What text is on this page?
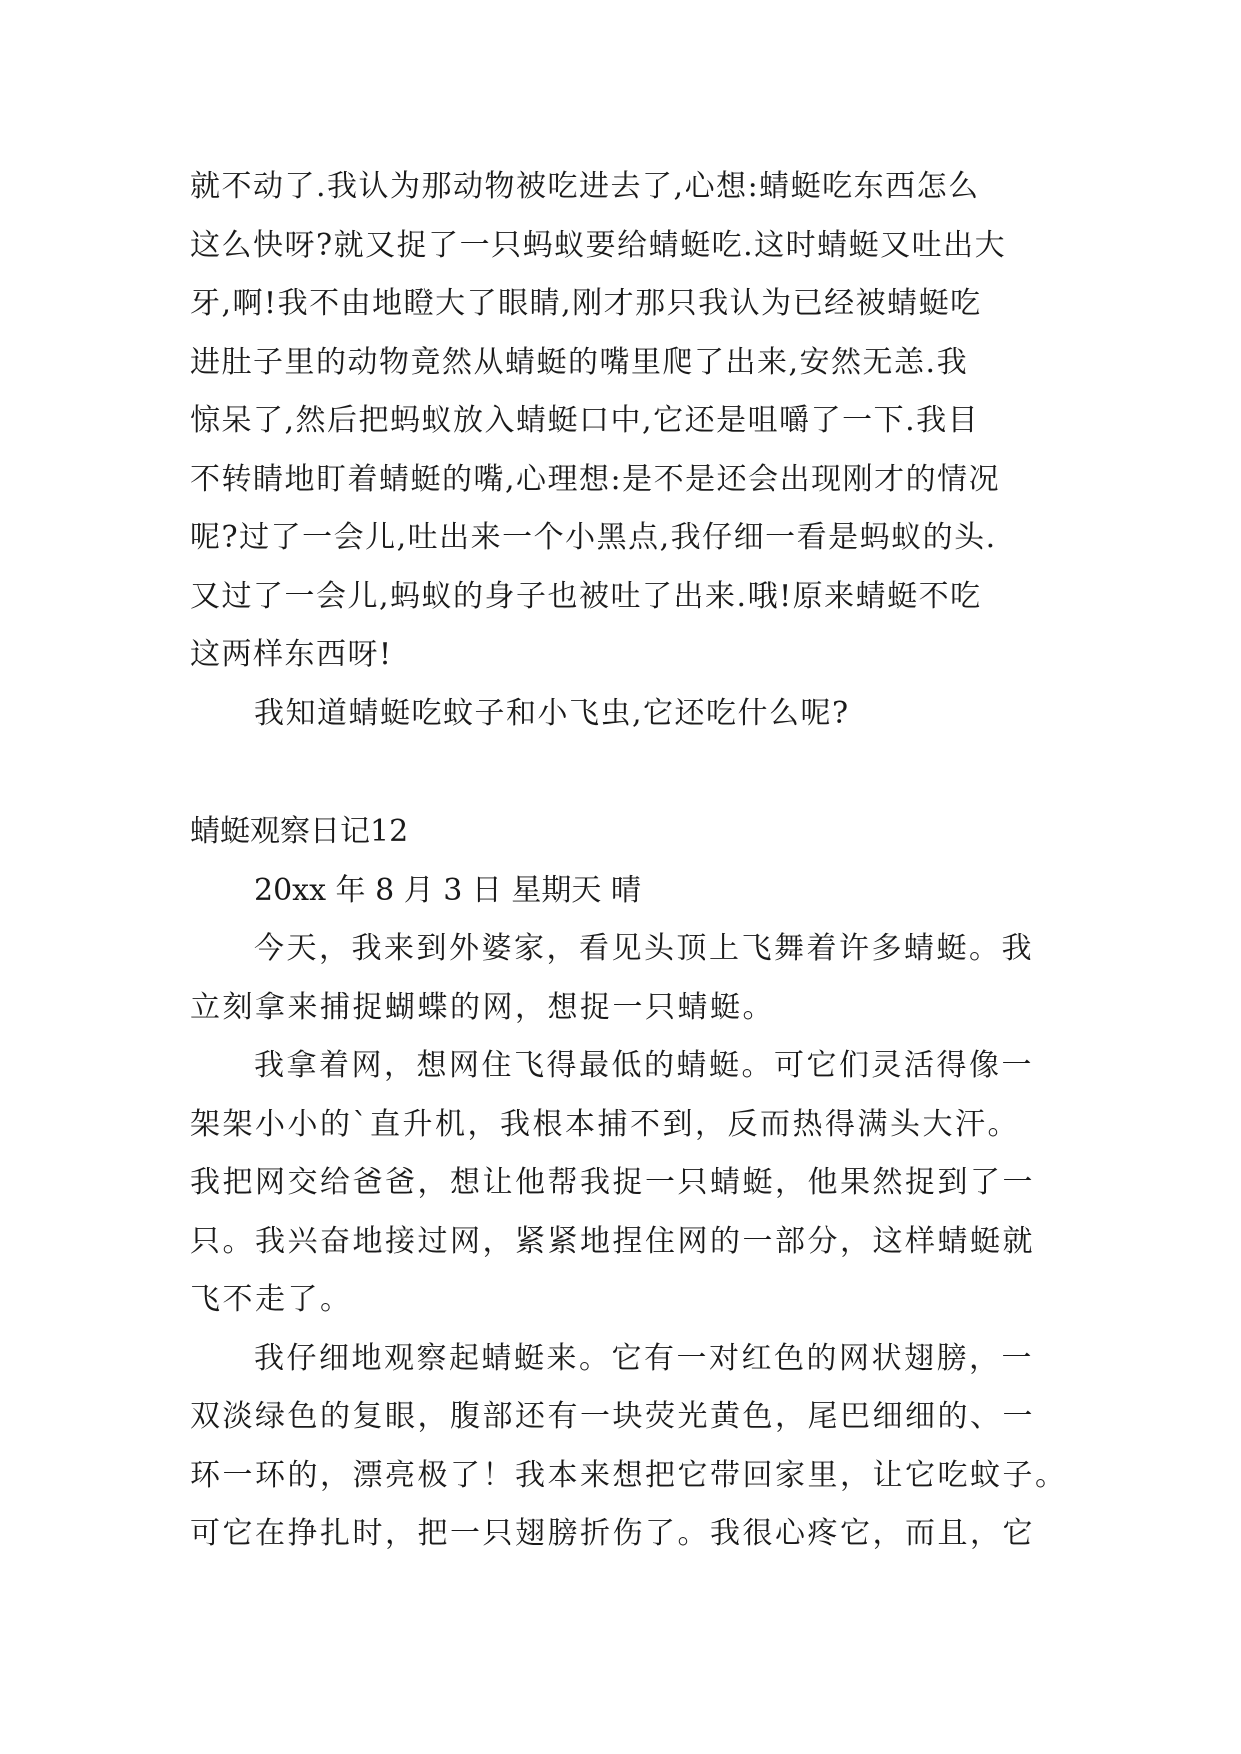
就不动了.我认为那动物被吃进去了,心想:蜻蜓吃东西怎么
这么快呀?就又捉了一只蚂蚁要给蜻蜓吃.这时蜻蜓又吐出大
牙,啊!我不由地瞪大了眼睛,刚才那只我认为已经被蜻蜓吃
进肚子里的动物竟然从蜻蜓的嘴里爬了出来,安然无恙.我
惊呆了,然后把蚂蚁放入蜻蜓口中,它还是咀嚼了一下.我目
不转睛地盯着蜻蜓的嘴,心理想:是不是还会出现刚才的情况
呢?过了一会儿,吐出来一个小黑点,我仔细一看是蚂蚁的头.
又过了一会儿,蚂蚁的身子也被吐了出来.哦!原来蜻蜓不吃
这两样东西呀!
我知道蜻蜓吃蚊子和小飞虫,它还吃什么呢?
蜻蜓观察日记12
20xx 年 8 月 3 日 星期天 晴
今天，我来到外婆家，看见头顶上飞舞着许多蜻蜓。我
立刻拿来捕捉蝴蝶的网，想捉一只蜻蜓。
我拿着网，想网住飞得最低的蜻蜓。可它们灵活得像一
架架小小的`直升机，我根本捕不到，反而热得满头大汗。
我把网交给爸爸，想让他帮我捉一只蜻蜓，他果然捉到了一
只。我兴奋地接过网，紧紧地捏住网的一部分，这样蜻蜓就
飞不走了。
我仔细地观察起蜻蜓来。它有一对红色的网状翅膀，一
双淡绿色的复眼，腹部还有一块荧光黄色，尾巴细细的、一
环一环的，漂亮极了！我本来想把它带回家里，让它吃蚊子。
可它在挣扎时，把一只翅膀折伤了。我很心疼它，而且，它
